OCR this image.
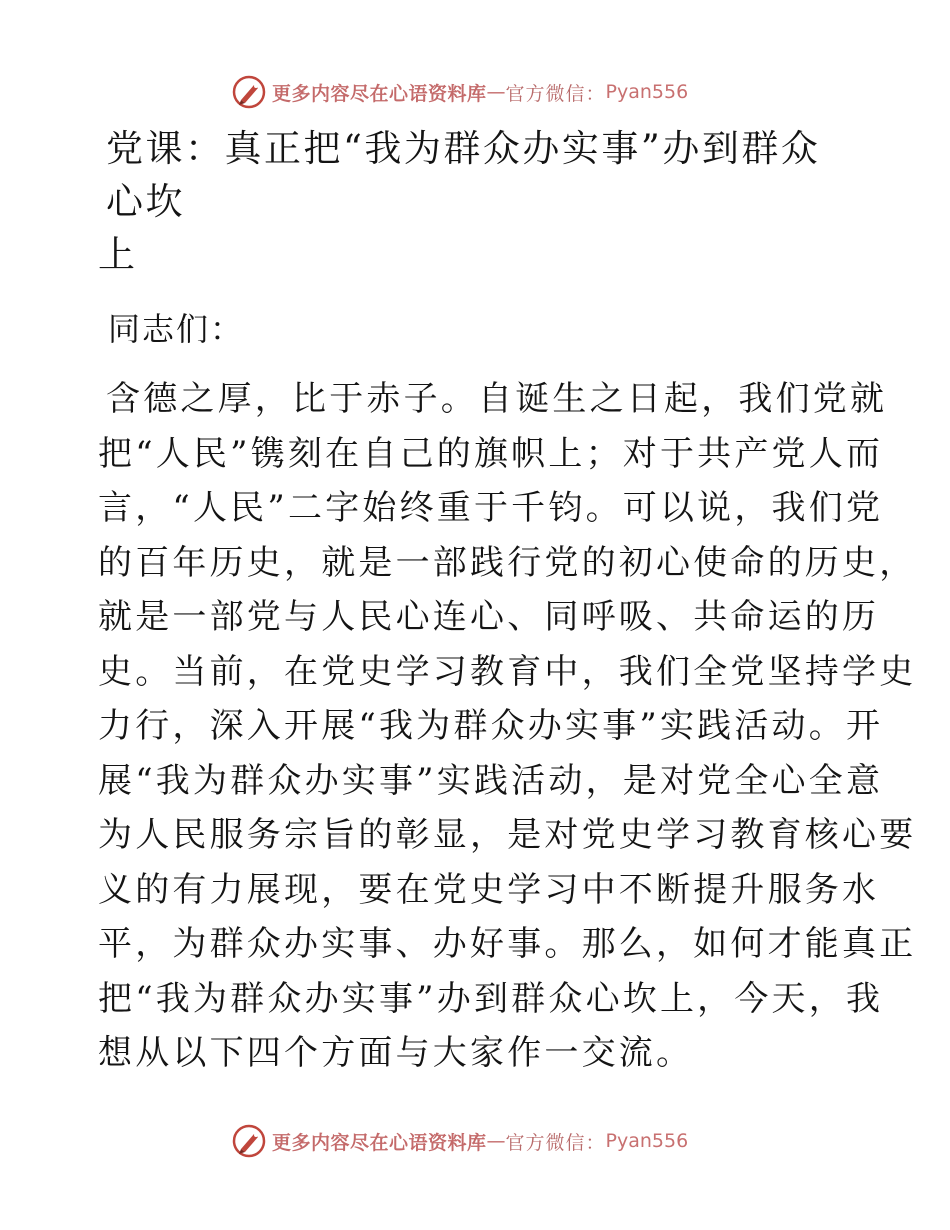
更多内容尽在心语资料库 — 官方微信： Pyan556
党课：真正把“我为群众办实事”办到群众心坎
上
同志们：

含德之厚，比于赤子。自诞生之日起，我们党就

把“人民”镌刻在自己的旗帜上；对于共产党人而

言，“人民”二字始终重于千钧。可以说，我们党

的百年历史，就是一部践行党的初心使命的历史，

就是一部党与人民心连心、同呼吸、共命运的历

史。当前，在党史学习教育中，我们全党坚持学史

力行，深入开展“我为群众办实事”实践活动。开

展“我为群众办实事”实践活动，是对党全心全意

为人民服务宗旨的彰显，是对党史学习教育核心要

义的有力展现，要在党史学习中不断提升服务水

平，为群众办实事、办好事。那么，如何才能真正

把“我为群众办实事”办到群众心坎上，今天，我

想从以下四个方面与大家作一交流。

更多内容尽在心语资料库 — 官方微信： Pyan556
